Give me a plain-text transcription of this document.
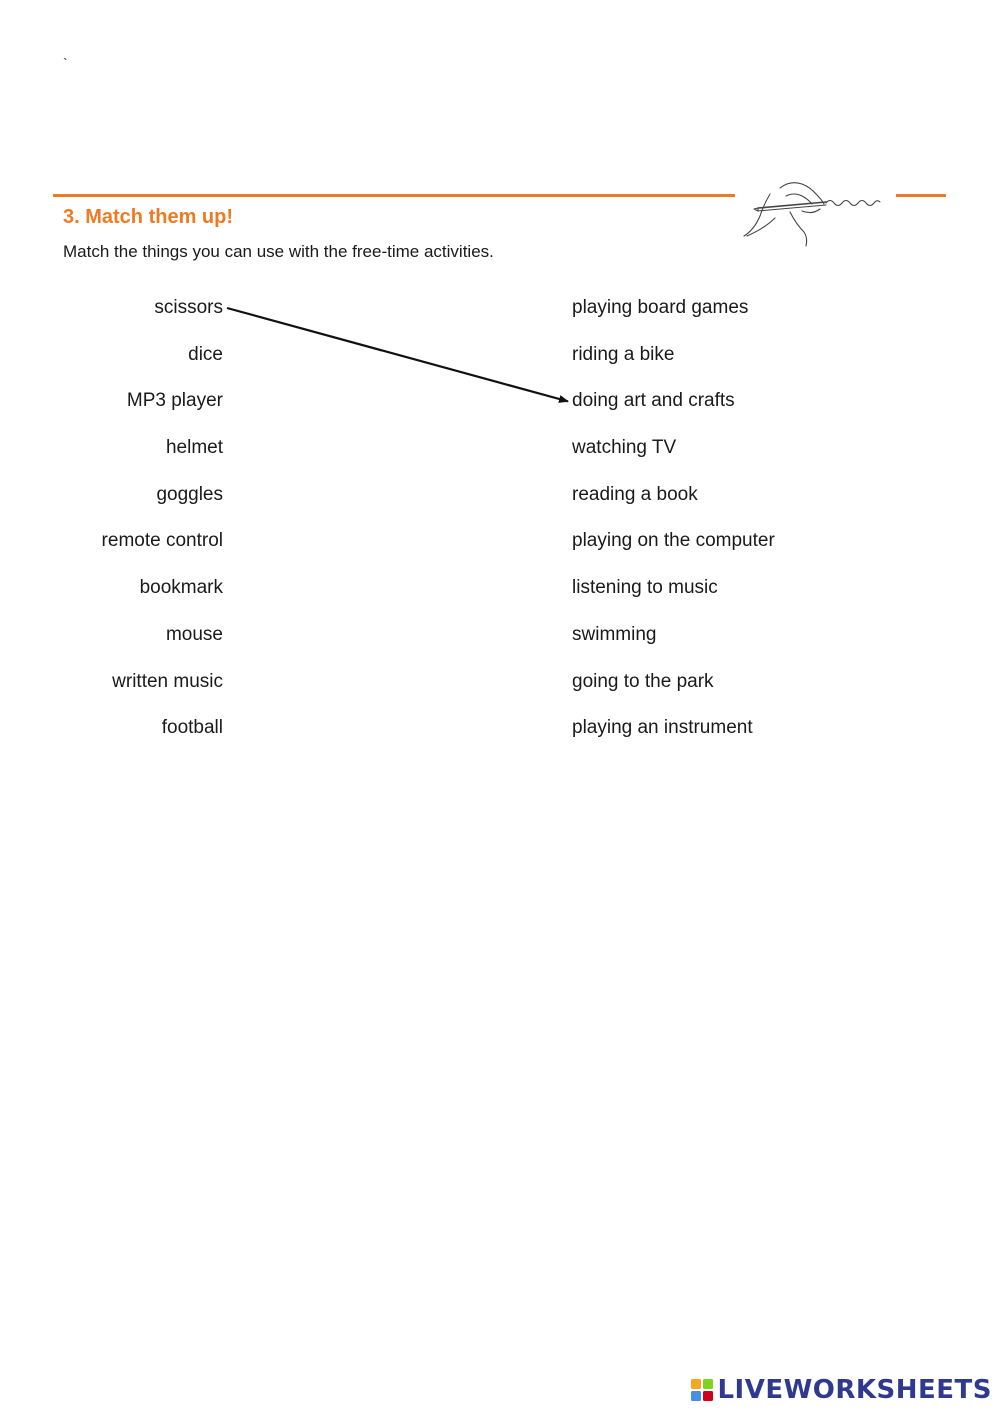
`
3. Match them up!

Match the things you can use with the free-time activities.

scissors
dice
MP3 player
helmet
goggles
remote control
bookmark
mouse
written music
football
playing board games
riding a bike
doing art and crafts
watching TV
reading a book
playing on the computer
listening to music
swimming
going to the park
playing an instrument
LIVEWORKSHEETS
